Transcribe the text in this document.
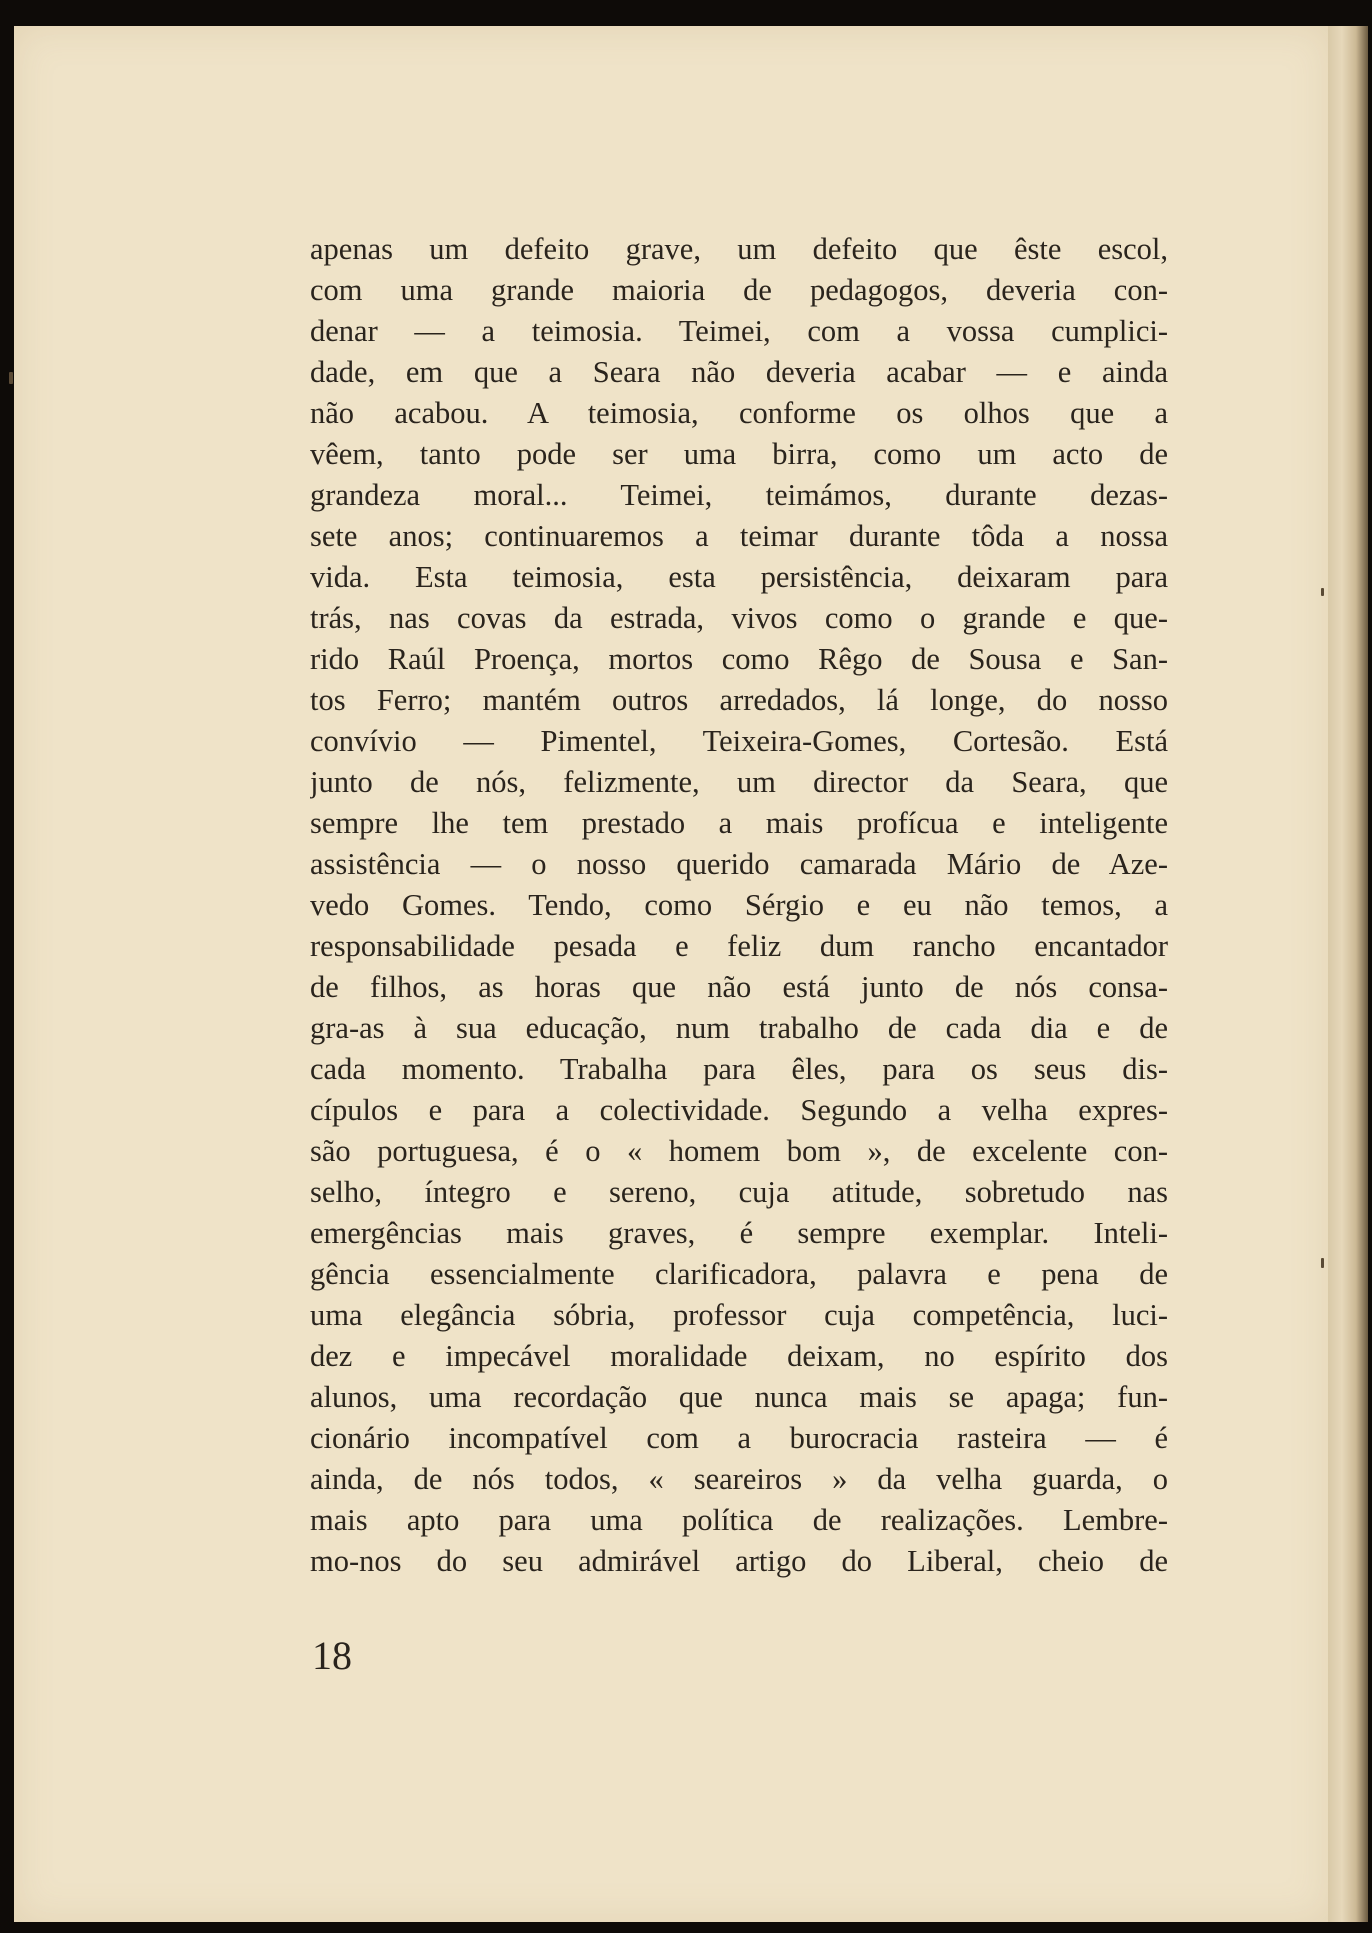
apenas um defeito grave, um defeito que êste escol,
com uma grande maioria de pedagogos, deveria con-
denar — a teimosia. Teimei, com a vossa cumplici-
dade, em que a Seara não deveria acabar — e ainda
não acabou. A teimosia, conforme os olhos que a
vêem, tanto pode ser uma birra, como um acto de
grandeza moral... Teimei, teimámos, durante dezas-
sete anos; continuaremos a teimar durante tôda a nossa
vida. Esta teimosia, esta persistência, deixaram para
trás, nas covas da estrada, vivos como o grande e que-
rido Raúl Proença, mortos como Rêgo de Sousa e San-
tos Ferro; mantém outros arredados, lá longe, do nosso
convívio — Pimentel, Teixeira-Gomes, Cortesão. Está
junto de nós, felizmente, um director da Seara, que
sempre lhe tem prestado a mais profícua e inteligente
assistência — o nosso querido camarada Mário de Aze-
vedo Gomes. Tendo, como Sérgio e eu não temos, a
responsabilidade pesada e feliz dum rancho encantador
de filhos, as horas que não está junto de nós consa-
gra-as à sua educação, num trabalho de cada dia e de
cada momento. Trabalha para êles, para os seus dis-
cípulos e para a colectividade. Segundo a velha expres-
são portuguesa, é o « homem bom », de excelente con-
selho, íntegro e sereno, cuja atitude, sobretudo nas
emergências mais graves, é sempre exemplar. Inteli-
gência essencialmente clarificadora, palavra e pena de
uma elegância sóbria, professor cuja competência, luci-
dez e impecável moralidade deixam, no espírito dos
alunos, uma recordação que nunca mais se apaga; fun-
cionário incompatível com a burocracia rasteira — é
ainda, de nós todos, « seareiros » da velha guarda, o
mais apto para uma política de realizações. Lembre-
mo-nos do seu admirável artigo do Liberal, cheio de

18
